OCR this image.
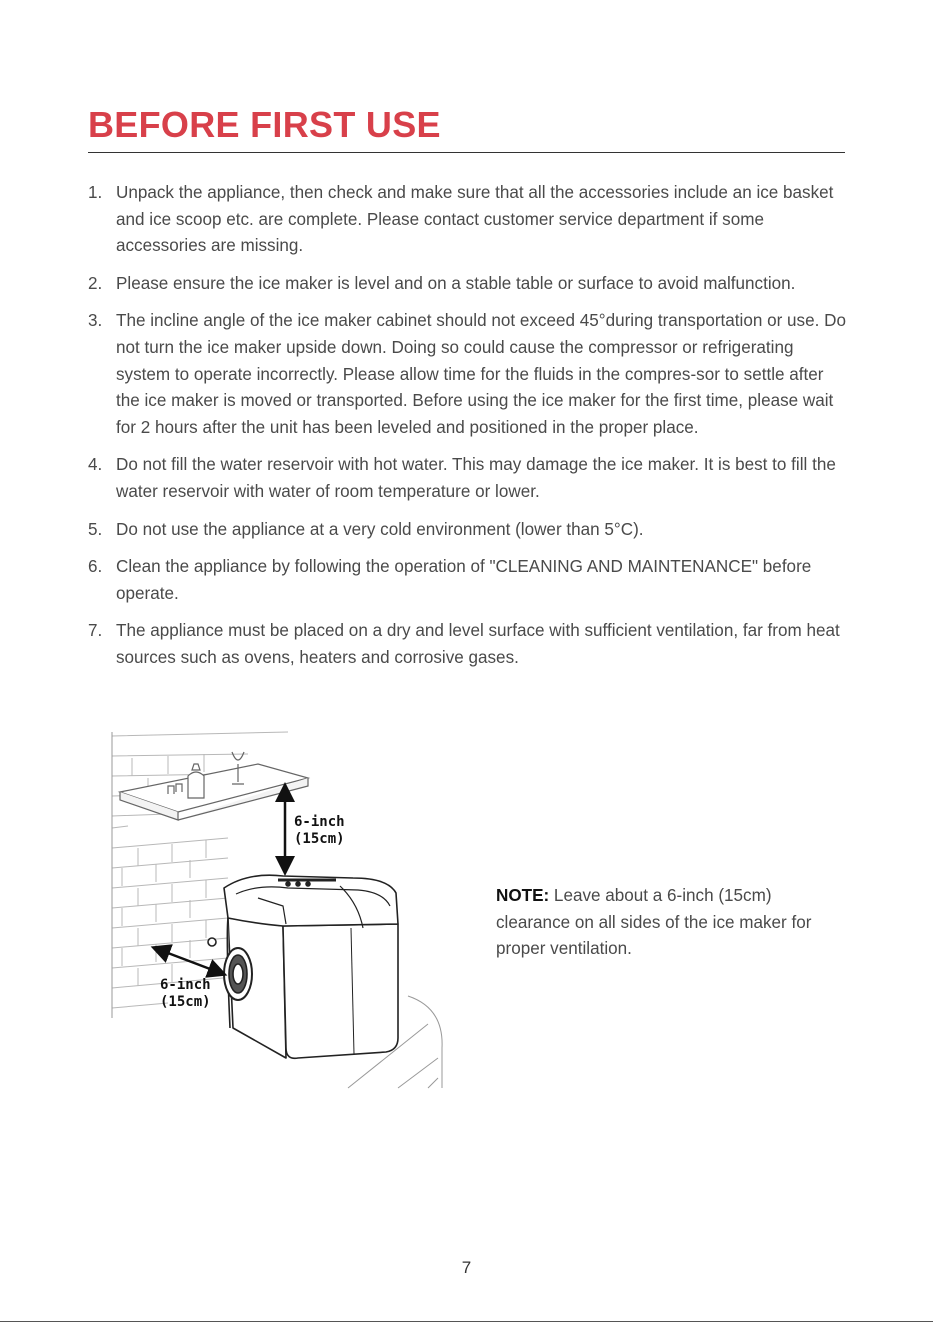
BEFORE FIRST USE
1. Unpack the appliance, then check and make sure that all the accessories include an ice basket and ice scoop etc. are complete. Please contact customer service department if some accessories are missing.
2. Please ensure the ice maker is level and on a stable table or surface to avoid malfunction.
3. The incline angle of the ice maker cabinet should not exceed 45°during transportation or use. Do not turn the ice maker upside down. Doing so could cause the compressor or refrigerating system to operate incorrectly. Please allow time for the fluids in the compres-sor to settle after the ice maker is moved or transported. Before using the ice maker for the first time, please wait for 2 hours after the unit has been leveled and positioned in the proper place.
4. Do not fill the water reservoir with hot water. This may damage the ice maker. It is best to fill the water reservoir with water of room temperature or lower.
5. Do not use the appliance at a very cold environment (lower than 5°C).
6. Clean the appliance by following the operation of "CLEANING AND MAINTENANCE" before operate.
7. The appliance must be placed on a dry and level surface with sufficient ventilation, far from heat sources such as ovens, heaters and corrosive gases.
6-inch
(15cm)
6-inch
(15cm)

NOTE: Leave about a 6-inch (15cm) clearance on all sides of the ice maker for proper ventilation.

7
